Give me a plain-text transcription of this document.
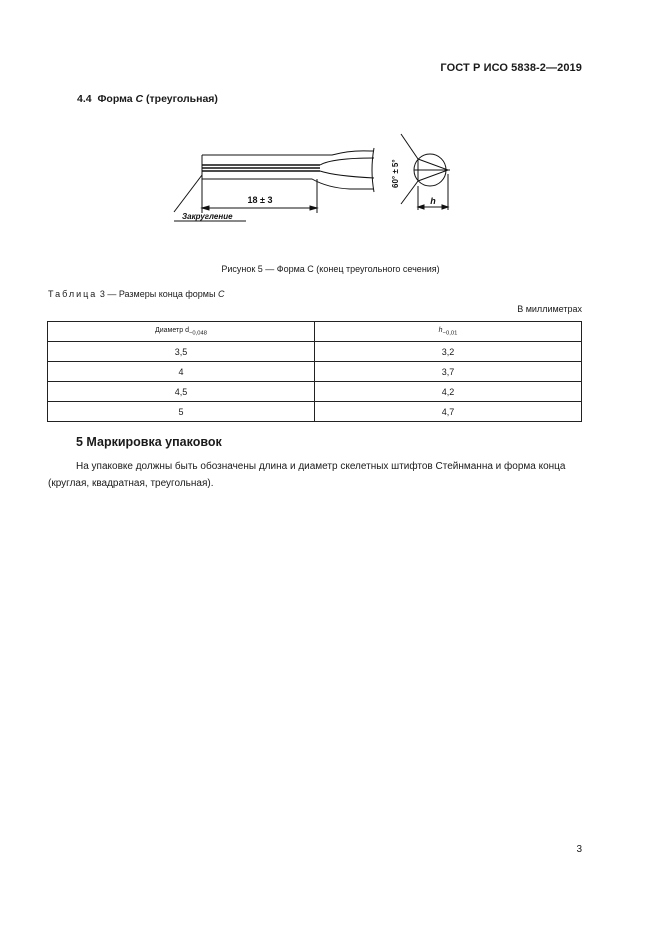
ГОСТ Р ИСО 5838-2—2019
4.4 Форма C (треугольная)
18 ± 3
Закругление
60° ± 5°
h
Рисунок 5 — Форма C (конец треугольного сечения)
Таблица 3 — Размеры конца формы C
В миллиметрах
Диаметр $d_{-0,048}$	$h_{-0,01}$
3,5	3,2
4	3,7
4,5	4,2
5	4,7
5 Маркировка упаковок
На упаковке должны быть обозначены длина и диаметр скелетных штифтов Стейнманна и форма конца (круглая, квадратная, треугольная).
3
